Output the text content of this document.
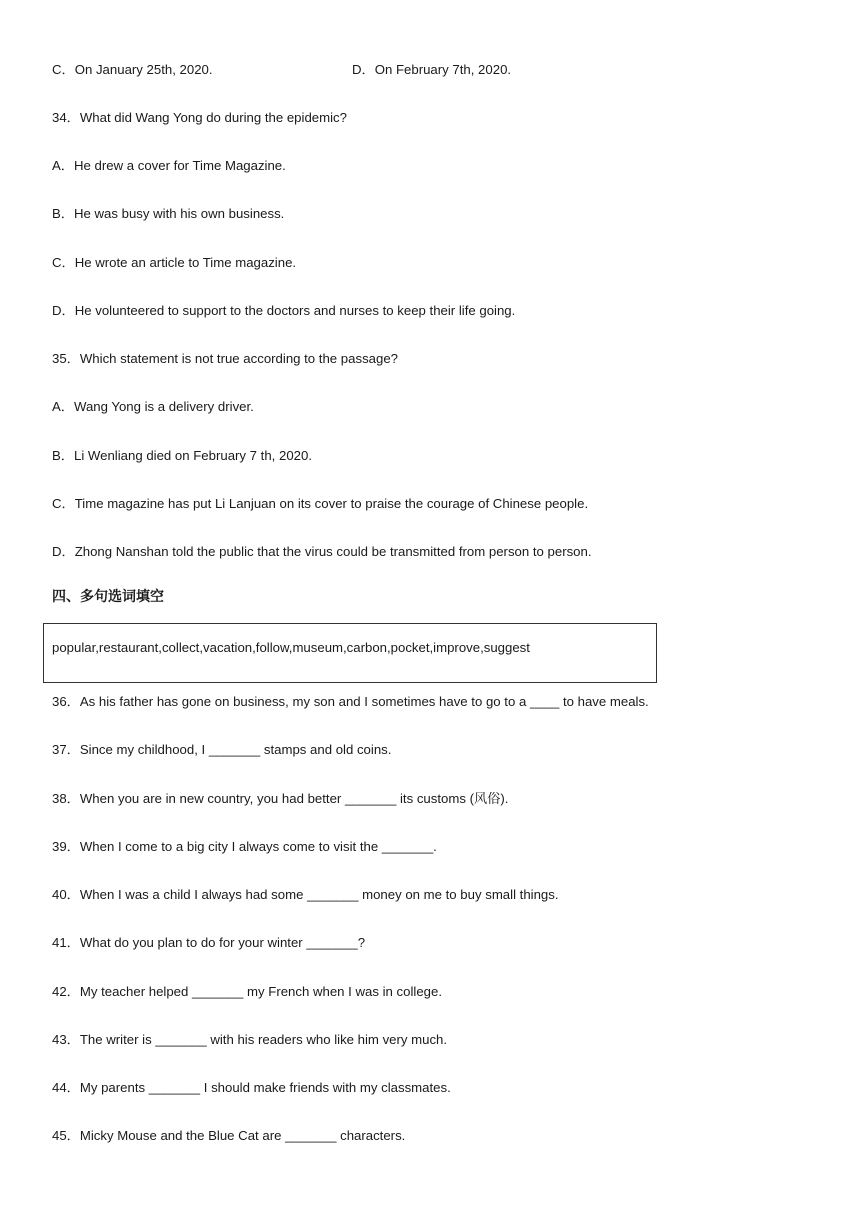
C．On January 25th, 2020.	D．On February 7th, 2020.
34．What did Wang Yong do during the epidemic?
A．He drew a cover for Time Magazine.
B．He was busy with his own business.
C．He wrote an article to Time magazine.
D．He volunteered to support to the doctors and nurses to keep their life going.
35．Which statement is not true according to the passage?
A．Wang Yong is a delivery driver.
B．Li Wenliang died on February 7 th, 2020.
C．Time magazine has put Li Lanjuan on its cover to praise the courage of Chinese people.
D．Zhong Nanshan told the public that the virus could be transmitted from person to person.
四、多句选词填空
popular,restaurant,collect,vacation,follow,museum,carbon,pocket,improve,suggest
36．As his father has gone on business, my son and I sometimes have to go to a ____ to have meals.
37．Since my childhood, I _______ stamps and old coins.
38．When you are in new country, you had better _______ its customs (风俗).
39．When I come to a big city I always come to visit the _______.
40．When I was a child I always had some _______ money on me to buy small things.
41．What do you plan to do for your winter _______?
42．My teacher helped _______ my French when I was in college.
43．The writer is _______ with his readers who like him very much.
44．My parents _______ I should make friends with my classmates.
45．Micky Mouse and the Blue Cat are _______ characters.
